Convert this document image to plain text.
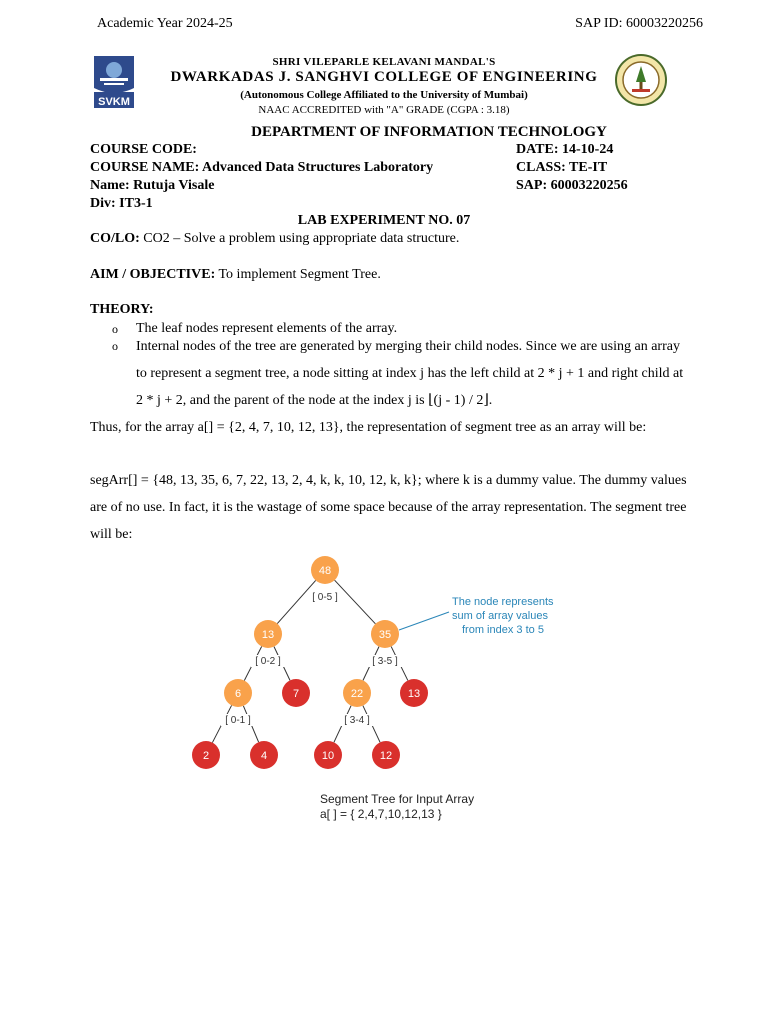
Academic Year 2024-25	SAP ID: 60003220256
SVKM
SHRI VILEPARLE KELAVANI MANDAL'S
DWARKADAS J. SANGHVI COLLEGE OF ENGINEERING
(Autonomous College Affiliated to the University of Mumbai)
NAAC ACCREDITED with "A" GRADE (CGPA : 3.18)
DEPARTMENT OF INFORMATION TECHNOLOGY
COURSE CODE:	DATE: 14-10-24
COURSE NAME: Advanced Data Structures Laboratory	CLASS: TE-IT
Name: Rutuja Visale	SAP: 60003220256
Div: IT3-1
LAB EXPERIMENT NO. 07
CO/LO: CO2 – Solve a problem using appropriate data structure.
AIM / OBJECTIVE: To implement Segment Tree.
THEORY:
o The leaf nodes represent elements of the array.
o Internal nodes of the tree are generated by merging their child nodes. Since we are using an array to represent a segment tree, a node sitting at index j has the left child at 2 * j + 1 and right child at 2 * j + 2, and the parent of the node at the index j is ⌊(j - 1) / 2⌋.
Thus, for the array a[] = {2, 4, 7, 10, 12, 13}, the representation of segment tree as an array will be:
segArr[] = {48, 13, 35, 6, 7, 22, 13, 2, 4, k, k, 10, 12, k, k}; where k is a dummy value. The dummy values are of no use. In fact, it is the wastage of some space because of the array representation. The segment tree will be:
[ 0-5 ]
[ 0-2 ]	[ 3-5 ]
[ 0-1 ]	[ 3-4 ]
48
13	35
6	7	22	13
2	4	10	12
The node represents sum of array values from index 3 to 5
Segment Tree for Input Array a[ ] = { 2,4,7,10,12,13 }
